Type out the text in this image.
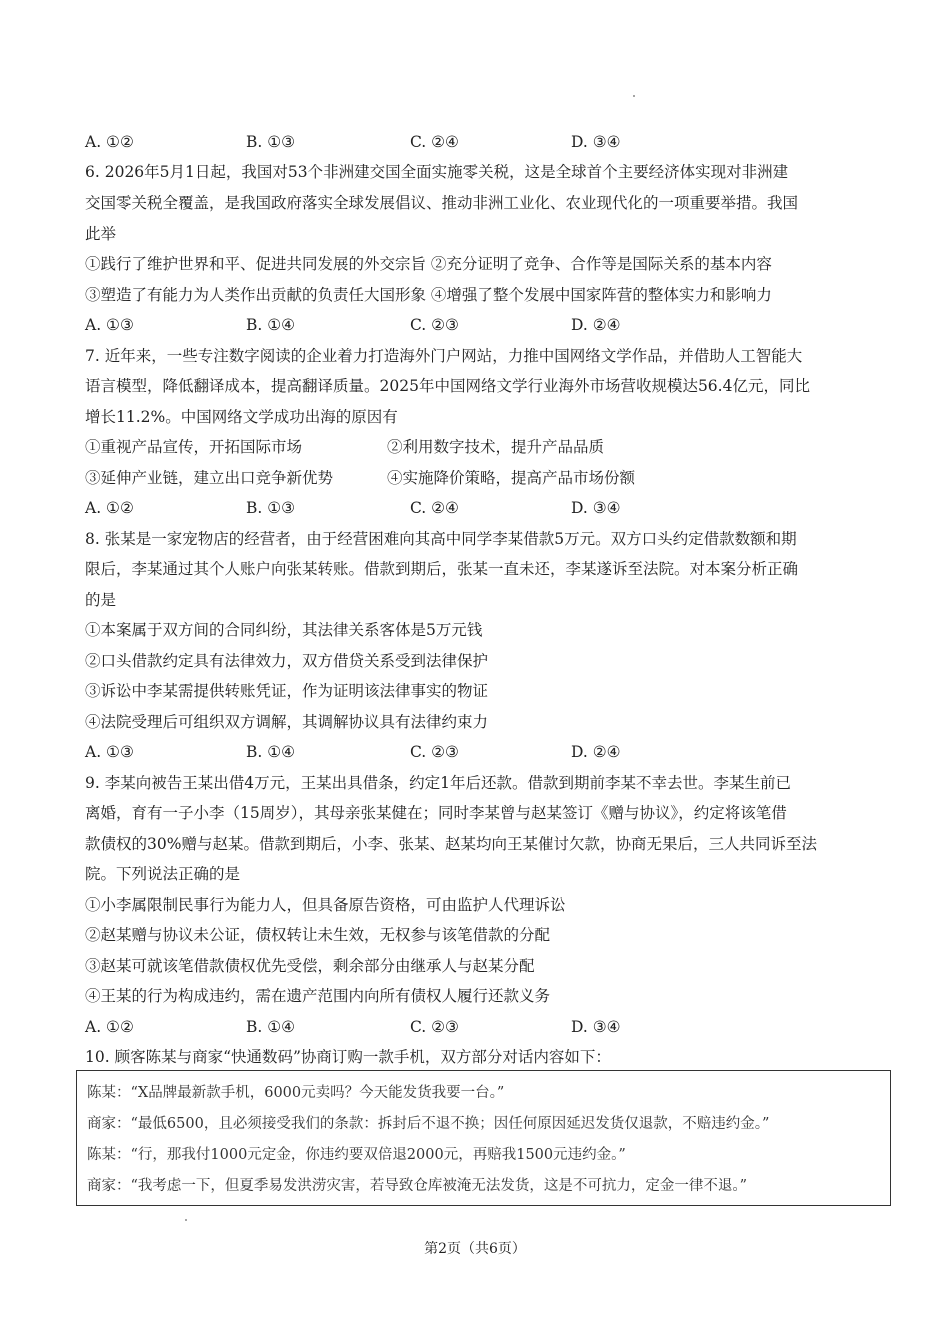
A. ①②	B. ①③	C. ②④	D. ③④
6. 2026年5月1日起，我国对53个非洲建交国全面实施零关税，这是全球首个主要经济体实现对非洲建
交国零关税全覆盖，是我国政府落实全球发展倡议、推动非洲工业化、农业现代化的一项重要举措。我国
此举
①践行了维护世界和平、促进共同发展的外交宗旨 ②充分证明了竞争、合作等是国际关系的基本内容
③塑造了有能力为人类作出贡献的负责任大国形象 ④增强了整个发展中国家阵营的整体实力和影响力
A. ①③	B. ①④	C. ②③	D. ②④
7. 近年来，一些专注数字阅读的企业着力打造海外门户网站，力推中国网络文学作品，并借助人工智能大
语言模型，降低翻译成本，提高翻译质量。2025年中国网络文学行业海外市场营收规模达56.4亿元，同比
增长11.2%。中国网络文学成功出海的原因有
①重视产品宣传，开拓国际市场	②利用数字技术，提升产品品质
③延伸产业链，建立出口竞争新优势	④实施降价策略，提高产品市场份额
A. ①②	B. ①③	C. ②④	D. ③④
8. 张某是一家宠物店的经营者，由于经营困难向其高中同学李某借款5万元。双方口头约定借款数额和期
限后，李某通过其个人账户向张某转账。借款到期后，张某一直未还，李某遂诉至法院。对本案分析正确
的是
①本案属于双方间的合同纠纷，其法律关系客体是5万元钱
②口头借款约定具有法律效力，双方借贷关系受到法律保护
③诉讼中李某需提供转账凭证，作为证明该法律事实的物证
④法院受理后可组织双方调解，其调解协议具有法律约束力
A. ①③	B. ①④	C. ②③	D. ②④
9. 李某向被告王某出借4万元，王某出具借条，约定1年后还款。借款到期前李某不幸去世。李某生前已
离婚，育有一子小李（15周岁），其母亲张某健在；同时李某曾与赵某签订《赠与协议》，约定将该笔借
款债权的30%赠与赵某。借款到期后，小李、张某、赵某均向王某催讨欠款，协商无果后，三人共同诉至法
院。下列说法正确的是
①小李属限制民事行为能力人，但具备原告资格，可由监护人代理诉讼
②赵某赠与协议未公证，债权转让未生效，无权参与该笔借款的分配
③赵某可就该笔借款债权优先受偿，剩余部分由继承人与赵某分配
④王某的行为构成违约，需在遗产范围内向所有债权人履行还款义务
A. ①②	B. ①④	C. ②③	D. ③④
10. 顾客陈某与商家“快通数码”协商订购一款手机，双方部分对话内容如下：
陈某：“X品牌最新款手机，6000元卖吗？今天能发货我要一台。”
商家：“最低6500，且必须接受我们的条款：拆封后不退不换；因任何原因延迟发货仅退款，不赔违约金。”
陈某：“行，那我付1000元定金，你违约要双倍退2000元，再赔我1500元违约金。”
商家：“我考虑一下，但夏季易发洪涝灾害，若导致仓库被淹无法发货，这是不可抗力，定金一律不退。”
第2页（共6页）
